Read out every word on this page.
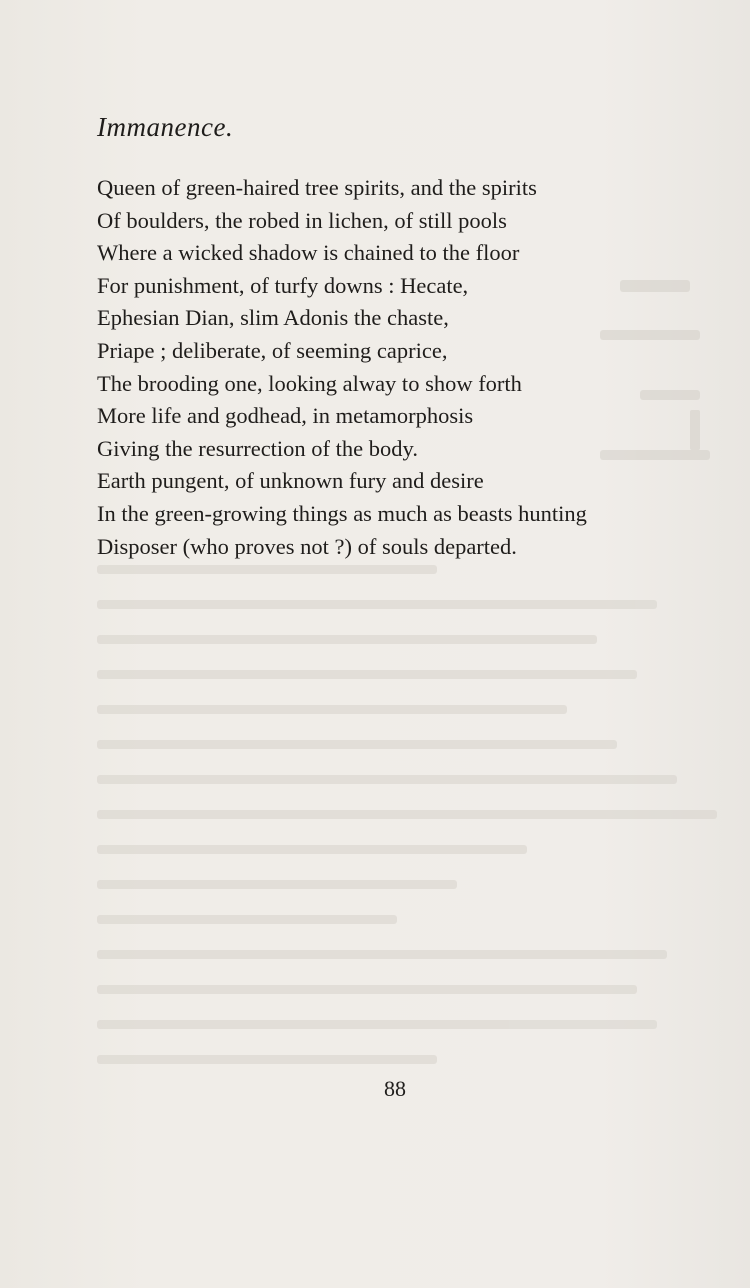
Immanence.
Queen of green-haired tree spirits, and the spirits
Of boulders, the robed in lichen, of still pools
Where a wicked shadow is chained to the floor
For punishment, of turfy downs : Hecate,
Ephesian Dian, slim Adonis the chaste,
Priape ; deliberate, of seeming caprice,
The brooding one, looking alway to show forth
More life and godhead, in metamorphosis
Giving the resurrection of the body.
Earth pungent, of unknown fury and desire
In the green-growing things as much as beasts hunting
Disposer (who proves not ?) of souls departed.
88
